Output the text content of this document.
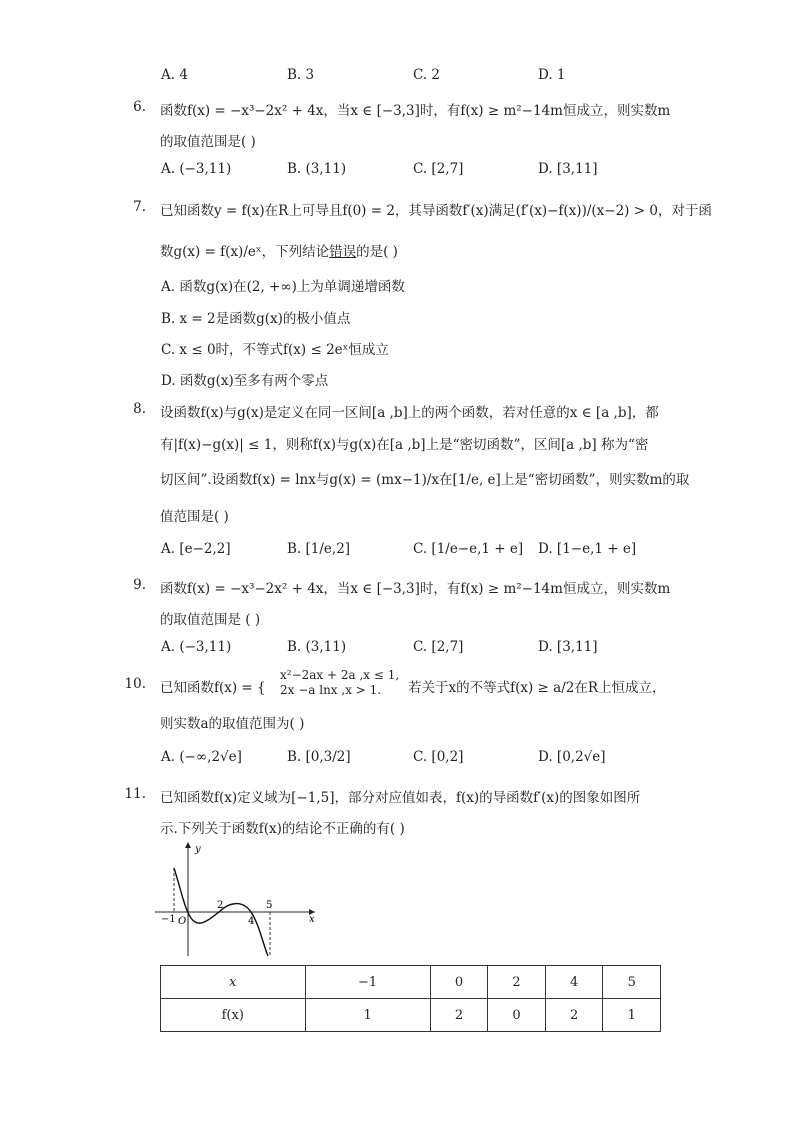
A. 4	B. 3	C. 2	D. 1
6. 函数f(x) = −x³−2x² + 4x，当x ∈ [−3,3]时，有f(x) ≥ m²−14m恒成立，则实数m
的取值范围是( )
A. (−3,11)	B. (3,11)	C. [2,7]	D. [3,11]
7. 已知函数y = f(x)在R上可导且f(0) = 2，其导函数f′(x)满足(f′(x)−f(x))/(x−2) > 0，对于函
数g(x) = f(x)/eˣ，下列结论错误的是( )
A. 函数g(x)在(2, +∞)上为单调递增函数
B. x = 2是函数g(x)的极小值点
C. x ≤ 0时，不等式f(x) ≤ 2eˣ恒成立
D. 函数g(x)至多有两个零点
8. 设函数f(x)与g(x)是定义在同一区间[a ,b]上的两个函数，若对任意的x ∈ [a ,b]，都
有|f(x)−g(x)| ≤ 1，则称f(x)与g(x)在[a ,b]上是“密切函数”，区间[a ,b] 称为“密
切区间”.设函数f(x) = lnx与g(x) = (mx−1)/x在[1/e, e]上是“密切函数”，则实数m的取
值范围是( )
A. [e−2,2]	B. [1/e,2]	C. [1/e−e,1 + e] D. [1−e,1 + e]
9. 函数f(x) = −x³−2x² + 4x，当x ∈ [−3,3]时，有f(x) ≥ m²−14m恒成立，则实数m
的取值范围是 ( )
A. (−3,11)	B. (3,11)	C. [2,7]	D. [3,11]
10. 已知函数f(x) = {
x²−2ax + 2a ,x ≤ 1,
2x −a lnx ,x > 1. 若关于x的不等式f(x) ≥ a/2在R上恒成立，
则实数a的取值范围为( )
A. (−∞,2√e]	B. [0,3/2]	C. [0,2]	D. [0,2√e]
11. 已知函数f(x)定义域为[−1,5]，部分对应值如表，f(x)的导函数f′(x)的图象如图所
示.下列关于函数f(x)的结论不正确的有( )
y
x
O
−1
2
4
5
x	−1	0	2	4	5
f(x)	1	2	0	2	1
